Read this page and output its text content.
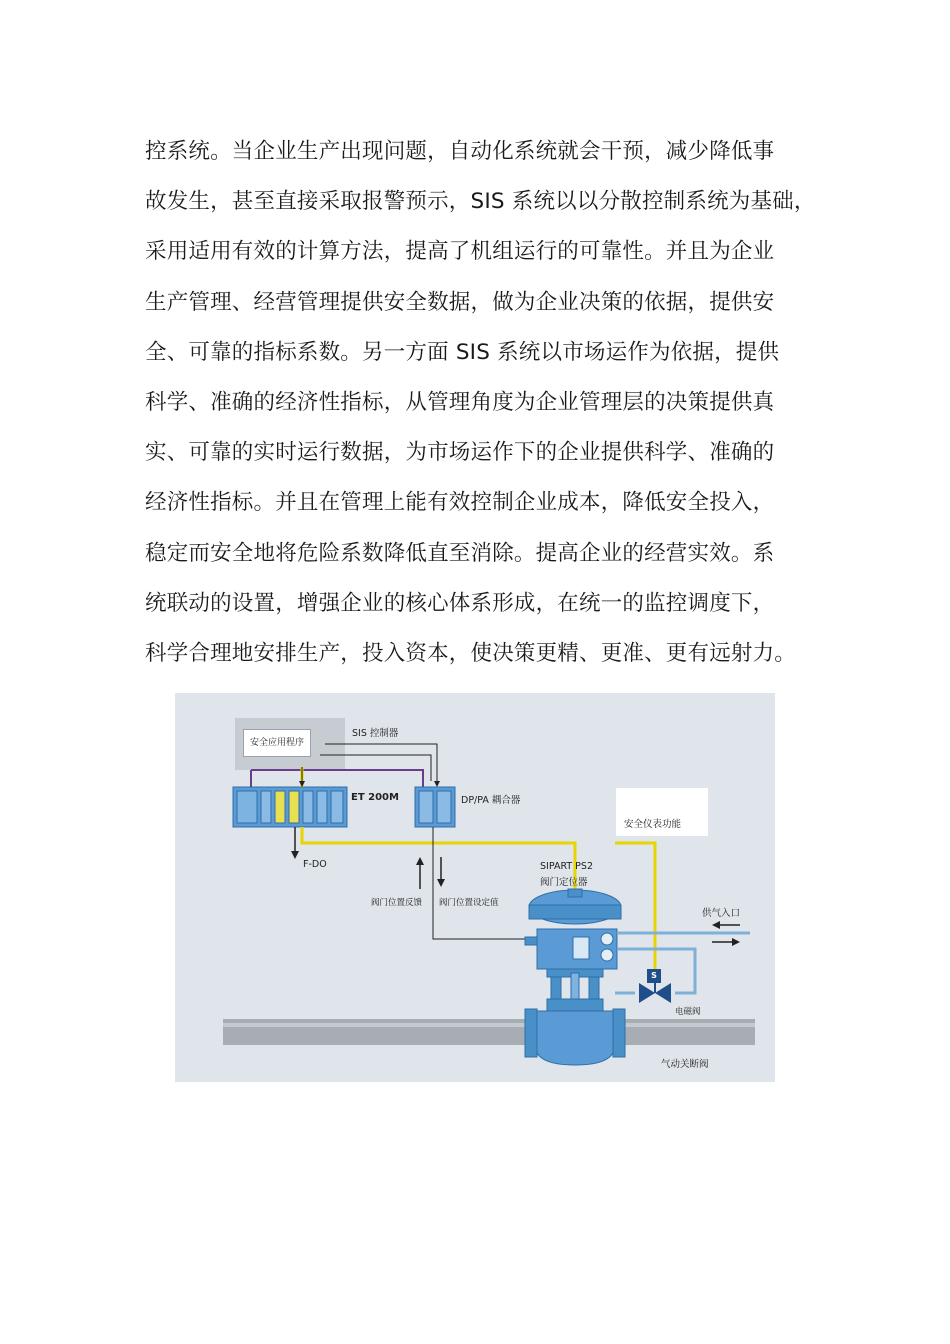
控系统。当企业生产出现问题，自动化系统就会干预，减少降低事
故发生，甚至直接采取报警预示，SIS 系统以以分散控制系统为基础，
采用适用有效的计算方法，提高了机组运行的可靠性。并且为企业
生产管理、经营管理提供安全数据，做为企业决策的依据，提供安
全、可靠的指标系数。另一方面 SIS 系统以市场运作为依据，提供
科学、准确的经济性指标，从管理角度为企业管理层的决策提供真
实、可靠的实时运行数据，为市场运作下的企业提供科学、准确的
经济性指标。并且在管理上能有效控制企业成本，降低安全投入，
稳定而安全地将危险系数降低直至消除。提高企业的经营实效。系
统联动的设置，增强企业的核心体系形成，在统一的监控调度下，
科学合理地安排生产，投入资本，使决策更精、更准、更有远射力。
安全应用程序
SIS 控制器
ET 200M	DP/PA 耦合器
安全仪表功能
F-DO	SIPART PS2
阀门定位器
阀门位置反馈 阀门位置设定值
供气入口
S
电磁阀
气动关断阀
